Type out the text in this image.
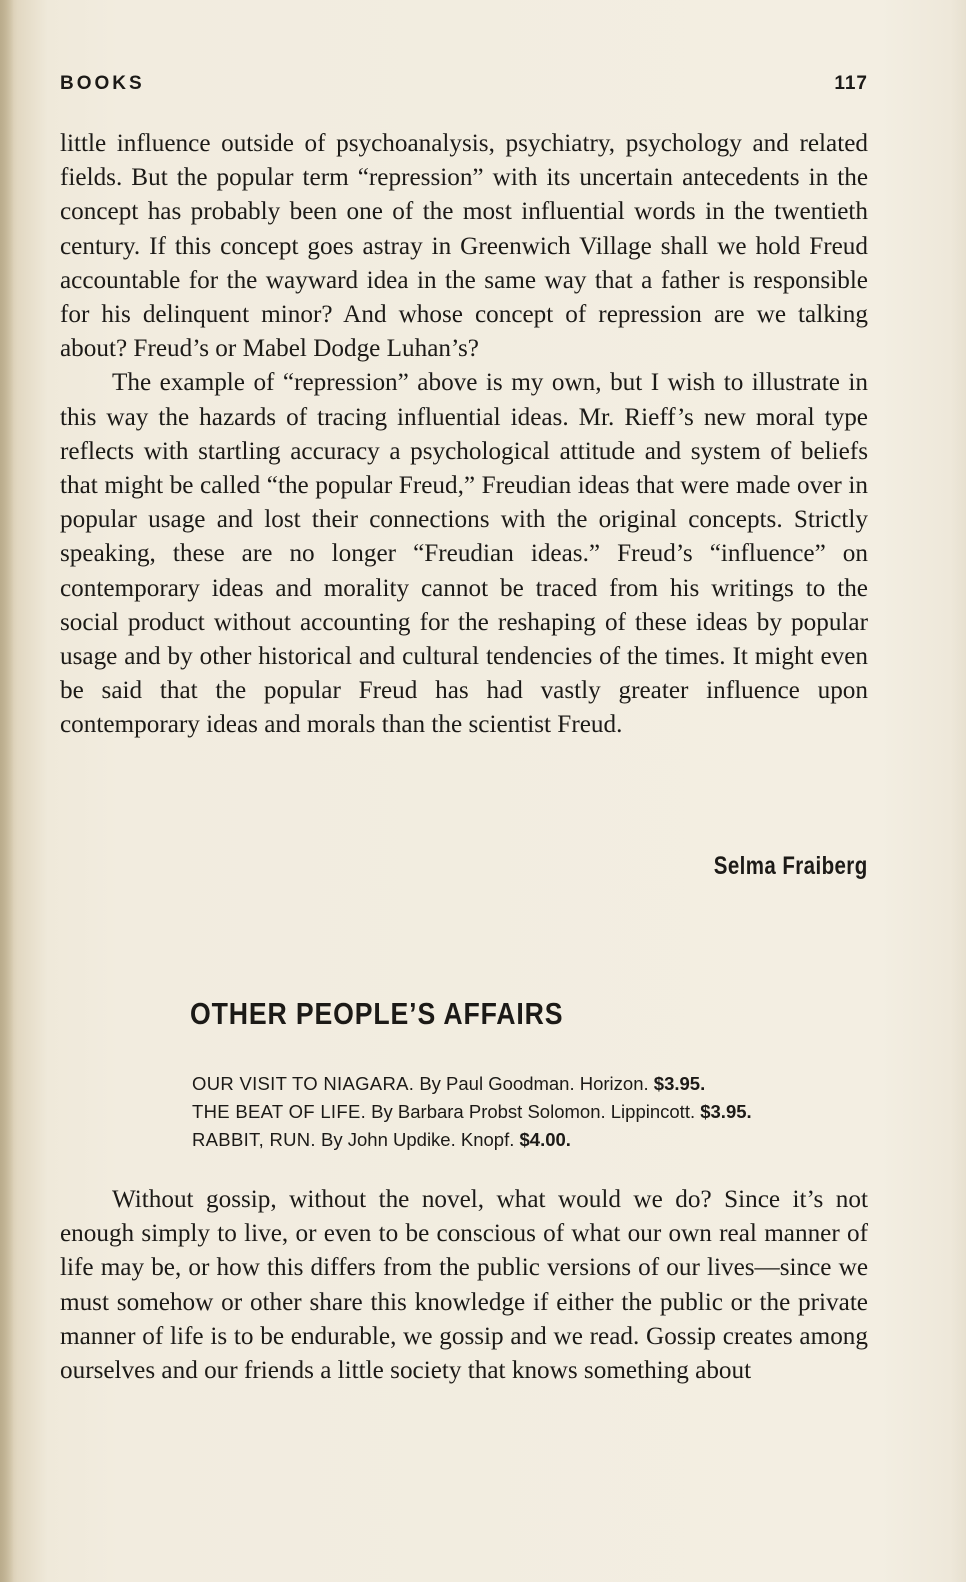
BOOKS	117

little influence outside of psychoanalysis, psychiatry, psychology and related fields. But the popular term “repression” with its uncertain antecedents in the concept has probably been one of the most influential words in the twentieth century. If this concept goes astray in Greenwich Village shall we hold Freud accountable for the wayward idea in the same way that a father is responsible for his delinquent minor? And whose concept of repression are we talking about? Freud’s or Mabel Dodge Luhan’s?

The example of “repression” above is my own, but I wish to illustrate in this way the hazards of tracing influential ideas. Mr. Rieff’s new moral type reflects with startling accuracy a psychological attitude and system of beliefs that might be called “the popular Freud,” Freudian ideas that were made over in popular usage and lost their connections with the original concepts. Strictly speaking, these are no longer “Freudian ideas.” Freud’s “influence” on contemporary ideas and morality cannot be traced from his writings to the social product without accounting for the reshaping of these ideas by popular usage and by other historical and cultural tendencies of the times. It might even be said that the popular Freud has had vastly greater influence upon contemporary ideas and morals than the scientist Freud.

Selma Fraiberg
OTHER PEOPLE’S AFFAIRS
OUR VISIT TO NIAGARA. By Paul Goodman. Horizon. $3.95.
THE BEAT OF LIFE. By Barbara Probst Solomon. Lippincott. $3.95.
RABBIT, RUN. By John Updike. Knopf. $4.00.

Without gossip, without the novel, what would we do? Since it’s not enough simply to live, or even to be conscious of what our own real manner of life may be, or how this differs from the public versions of our lives—since we must somehow or other share this knowledge if either the public or the private manner of life is to be endurable, we gossip and we read. Gossip creates among ourselves and our friends a little society that knows something about
